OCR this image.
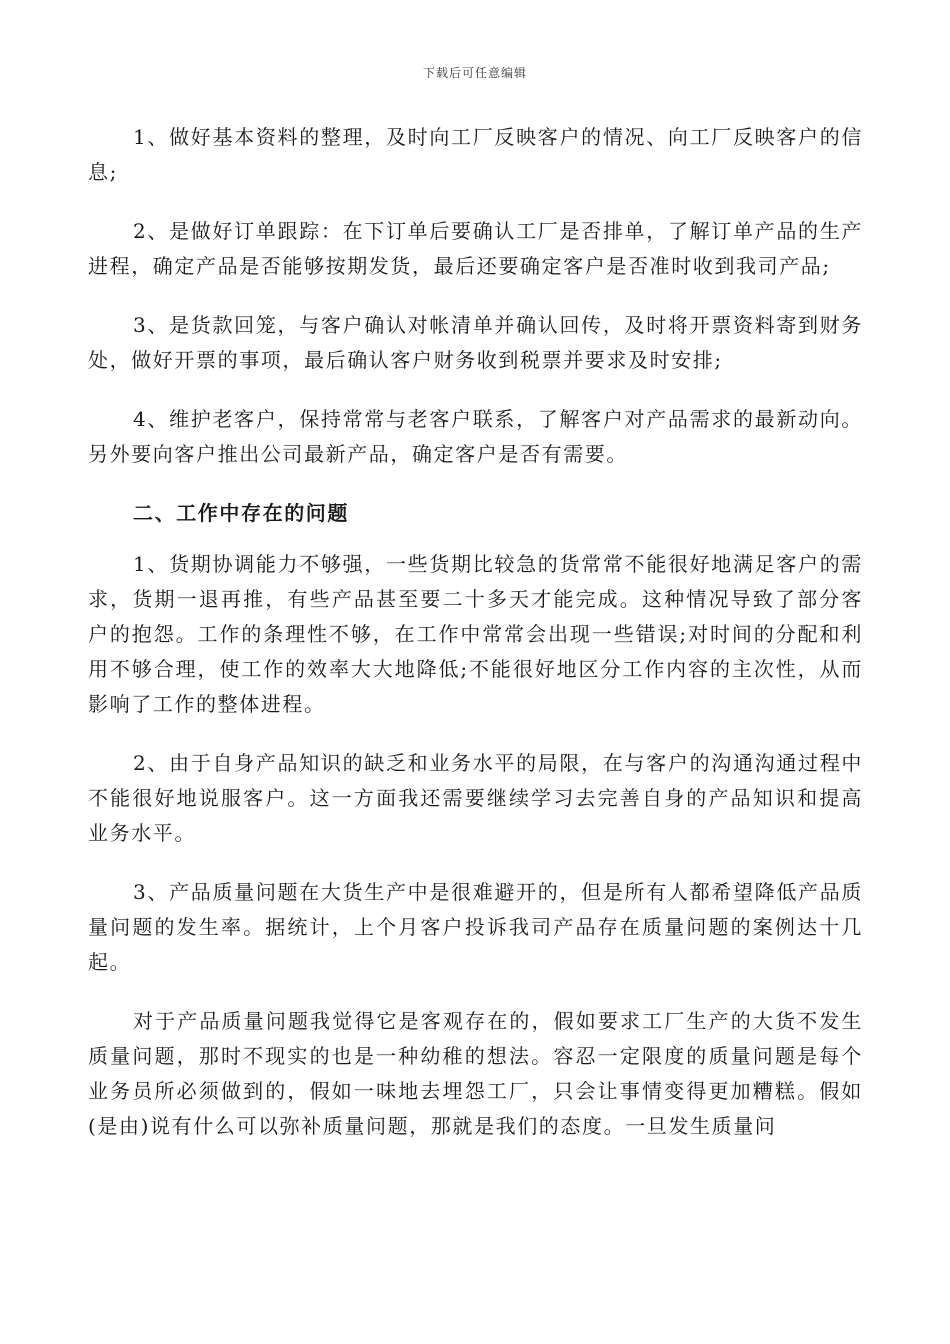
下载后可任意编辑

1、做好基本资料的整理，及时向工厂反映客户的情况、向工厂反映客户的信息;

2、是做好订单跟踪：在下订单后要确认工厂是否排单，了解订单产品的生产进程，确定产品是否能够按期发货，最后还要确定客户是否准时收到我司产品;

3、是货款回笼，与客户确认对帐清单并确认回传，及时将开票资料寄到财务处，做好开票的事项，最后确认客户财务收到税票并要求及时安排;

4、维护老客户，保持常常与老客户联系，了解客户对产品需求的最新动向。另外要向客户推出公司最新产品，确定客户是否有需要。

二、工作中存在的问题

1、货期协调能力不够强，一些货期比较急的货常常不能很好地满足客户的需求，货期一退再推，有些产品甚至要二十多天才能完成。这种情况导致了部分客户的抱怨。工作的条理性不够，在工作中常常会出现一些错误;对时间的分配和利用不够合理，使工作的效率大大地降低;不能很好地区分工作内容的主次性，从而影响了工作的整体进程。

2、由于自身产品知识的缺乏和业务水平的局限，在与客户的沟通沟通过程中不能很好地说服客户。这一方面我还需要继续学习去完善自身的产品知识和提高业务水平。

3、产品质量问题在大货生产中是很难避开的，但是所有人都希望降低产品质量问题的发生率。据统计，上个月客户投诉我司产品存在质量问题的案例达十几起。

对于产品质量问题我觉得它是客观存在的，假如要求工厂生产的大货不发生质量问题，那时不现实的也是一种幼稚的想法。容忍一定限度的质量问题是每个业务员所必须做到的，假如一味地去埋怨工厂，只会让事情变得更加糟糕。假如(是由)说有什么可以弥补质量问题，那就是我们的态度。一旦发生质量问
